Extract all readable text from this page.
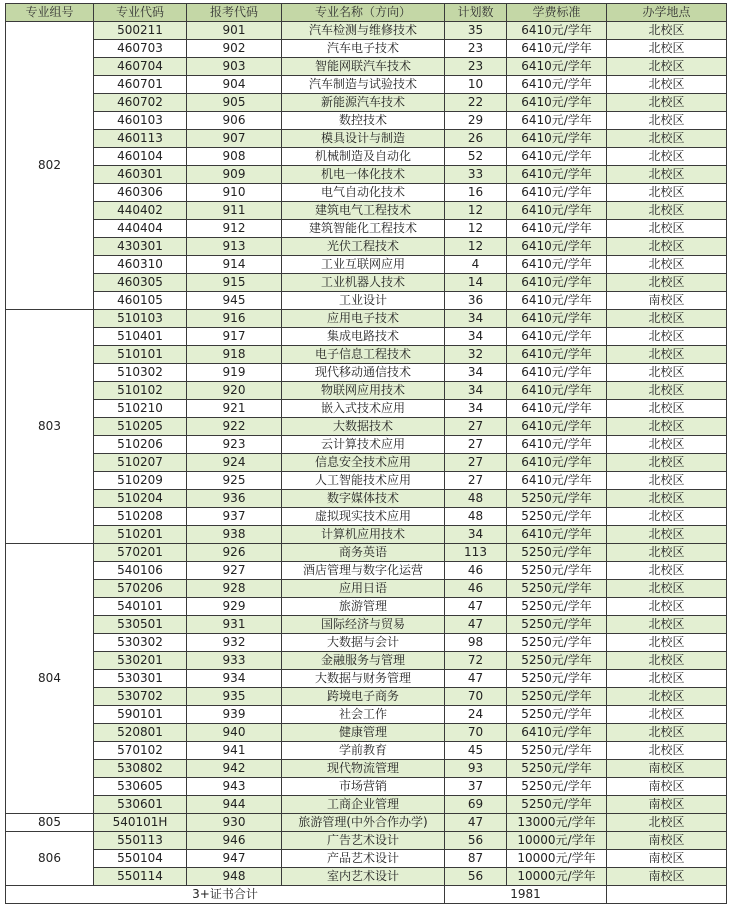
专业组号	专业代码	报考代码	专业名称（方向）	计划数	学费标准	办学地点
802	500211	901	汽车检测与维修技术	35	6410元/学年	北校区
	460703	902	汽车电子技术	23	6410元/学年	北校区
	460704	903	智能网联汽车技术	23	6410元/学年	北校区
	460701	904	汽车制造与试验技术	10	6410元/学年	北校区
	460702	905	新能源汽车技术	22	6410元/学年	北校区
	460103	906	数控技术	29	6410元/学年	北校区
	460113	907	模具设计与制造	26	6410元/学年	北校区
	460104	908	机械制造及自动化	52	6410元/学年	北校区
	460301	909	机电一体化技术	33	6410元/学年	北校区
	460306	910	电气自动化技术	16	6410元/学年	北校区
	440402	911	建筑电气工程技术	12	6410元/学年	北校区
	440404	912	建筑智能化工程技术	12	6410元/学年	北校区
	430301	913	光伏工程技术	12	6410元/学年	北校区
	460310	914	工业互联网应用	4	6410元/学年	北校区
	460305	915	工业机器人技术	14	6410元/学年	北校区
	460105	945	工业设计	36	6410元/学年	南校区
803	510103	916	应用电子技术	34	6410元/学年	北校区
	510401	917	集成电路技术	34	6410元/学年	北校区
	510101	918	电子信息工程技术	32	6410元/学年	北校区
	510302	919	现代移动通信技术	34	6410元/学年	北校区
	510102	920	物联网应用技术	34	6410元/学年	北校区
	510210	921	嵌入式技术应用	34	6410元/学年	北校区
	510205	922	大数据技术	27	6410元/学年	北校区
	510206	923	云计算技术应用	27	6410元/学年	北校区
	510207	924	信息安全技术应用	27	6410元/学年	北校区
	510209	925	人工智能技术应用	27	6410元/学年	北校区
	510204	936	数字媒体技术	48	5250元/学年	北校区
	510208	937	虚拟现实技术应用	48	5250元/学年	北校区
	510201	938	计算机应用技术	34	6410元/学年	北校区
804	570201	926	商务英语	113	5250元/学年	北校区
	540106	927	酒店管理与数字化运营	46	5250元/学年	北校区
	570206	928	应用日语	46	5250元/学年	北校区
	540101	929	旅游管理	47	5250元/学年	北校区
	530501	931	国际经济与贸易	47	5250元/学年	北校区
	530302	932	大数据与会计	98	5250元/学年	北校区
	530201	933	金融服务与管理	72	5250元/学年	北校区
	530301	934	大数据与财务管理	47	5250元/学年	北校区
	530702	935	跨境电子商务	70	5250元/学年	北校区
	590101	939	社会工作	24	5250元/学年	北校区
	520801	940	健康管理	70	6410元/学年	北校区
	570102	941	学前教育	45	5250元/学年	北校区
	530802	942	现代物流管理	93	5250元/学年	南校区
	530605	943	市场营销	37	5250元/学年	南校区
	530601	944	工商企业管理	69	5250元/学年	南校区
805	540101H	930	旅游管理(中外合作办学)	47	13000元/学年	北校区
806	550113	946	广告艺术设计	56	10000元/学年	南校区
	550104	947	产品艺术设计	87	10000元/学年	南校区
	550114	948	室内艺术设计	56	10000元/学年	南校区
3+证书合计				1981		
